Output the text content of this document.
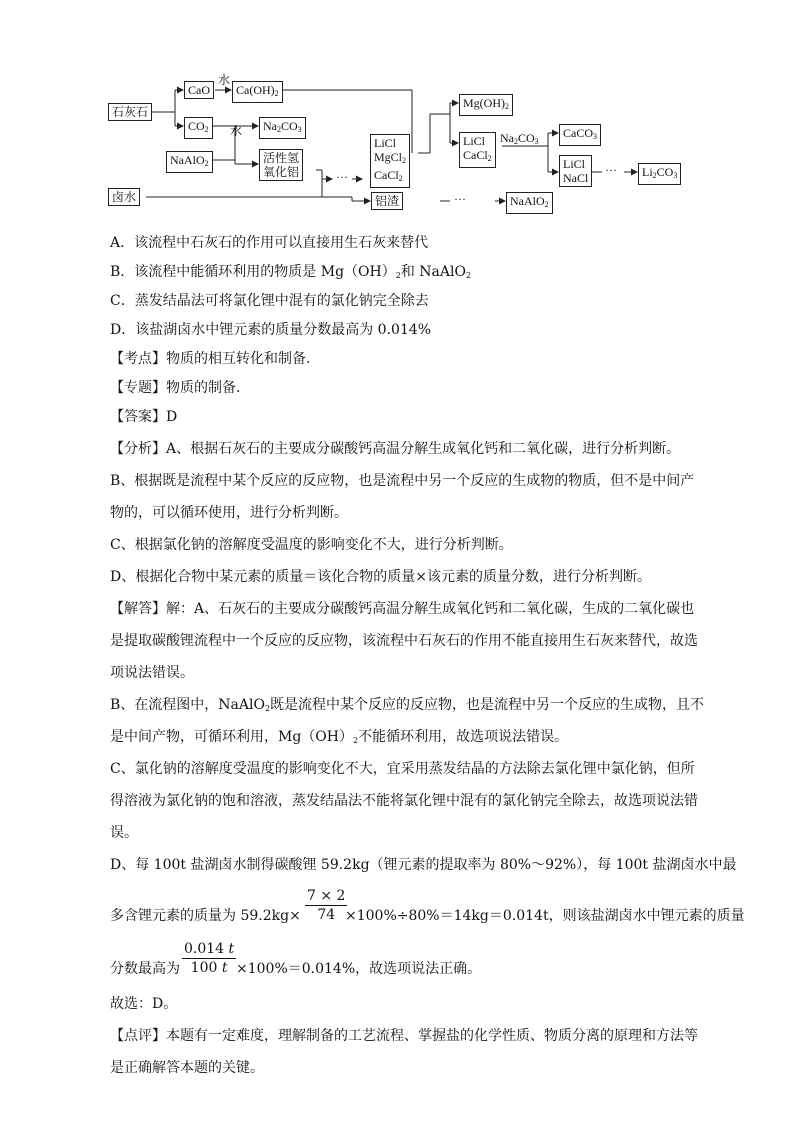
石灰石
CaO
水
$Ca(OH)_2$
$CO_2$	水	$Na_2CO_3$
NaAlO$_2$	活性氢
氧化铝
卤水
···
LiCl
MgCl$_2$
CaCl$_2$
$Mg(OH)_2$
LiCl
CaCl$_2$
$Na_2CO_3$
CaCO$_3$
LiCl
NaCl
···	$Li_2CO_3$
铝渣	···	NaAlO$_2$
A．该流程中石灰石的作用可以直接用生石灰来替代
B．该流程中能循环利用的物质是 $Mg(OH)_2$和 NaAlO$_2$
C．蒸发结晶法可将氯化锂中混有的氯化钠完全除去
D．该盐湖卤水中锂元素的质量分数最高为 0.014%
【考点】物质的相互转化和制备.
【专题】物质的制备.
【答案】D
【分析】A、根据石灰石的主要成分碳酸钙高温分解生成氧化钙和二氧化碳，进行分析判断。
B、根据既是流程中某个反应的反应物，也是流程中另一个反应的生成物的物质，但不是中间产
物的，可以循环使用，进行分析判断。
C、根据氯化钠的溶解度受温度的影响变化不大，进行分析判断。
D、根据化合物中某元素的质量＝该化合物的质量×该元素的质量分数，进行分析判断。
【解答】解：A、石灰石的主要成分碳酸钙高温分解生成氧化钙和二氧化碳，生成的二氧化碳也
是提取碳酸锂流程中一个反应的反应物，该流程中石灰石的作用不能直接用生石灰来替代，故选
项说法错误。
B、在流程图中，NaAlO$_2$既是流程中某个反应的反应物，也是流程中另一个反应的生成物，且不
是中间产物，可循环利用，$Mg(OH)_2$不能循环利用，故选项说法错误。
C、氯化钠的溶解度受温度的影响变化不大，宜采用蒸发结晶的方法除去氯化锂中氯化钠，但所
得溶液为氯化钠的饱和溶液，蒸发结晶法不能将氯化锂中混有的氯化钠完全除去，故选项说法错
误。
D、每 100t 盐湖卤水制得碳酸锂 59.2kg（锂元素的提取率为 80%～92%），每 100t 盐湖卤水中最
多含锂元素的质量为 $59.2kg\times \frac{7 \times 2}{74}$
×100%÷80%＝14kg＝0.014t，则该盐湖卤水中锂元素的质量
分数最高为 $\frac{0.014 t}{100 t} \times 100\%=0.014\%$，故选项说法正确。
故选：D。
【点评】本题有一定难度，理解制备的工艺流程、掌握盐的化学性质、物质分离的原理和方法等
是正确解答本题的关键。
